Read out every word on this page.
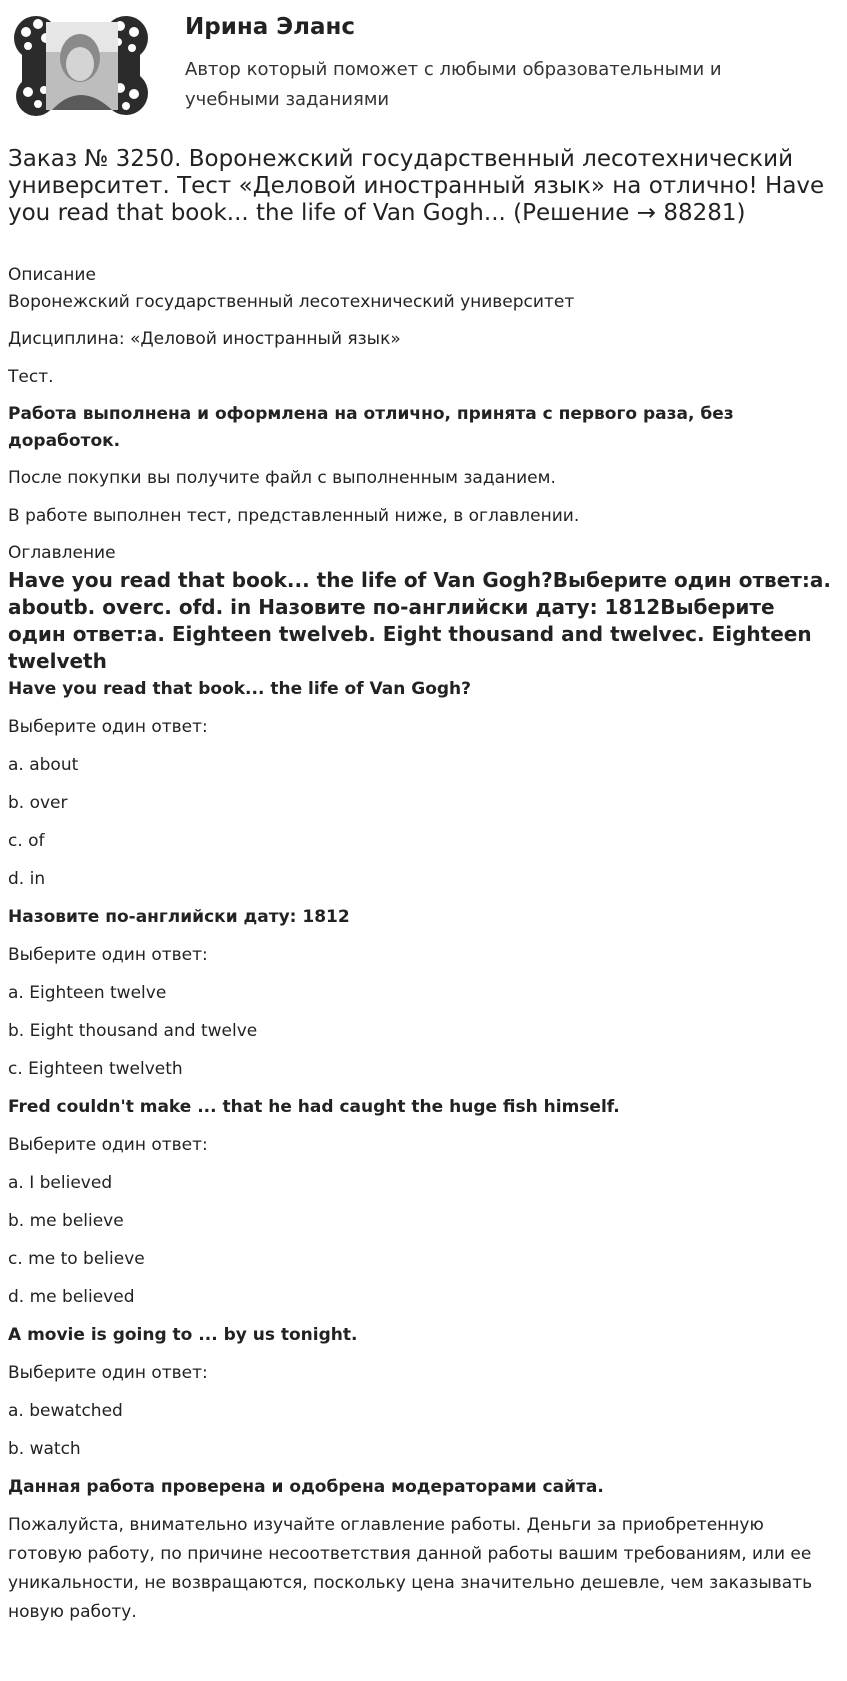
Ирина Эланс

Автор который поможет с любыми образовательными и учебными заданиями

Заказ № 3250. Воронежский государственный лесотехнический университет. Тест «Деловой иностранный язык» на отлично! Have you read that book... the life of Van Gogh... (Решение → 88281)

Описание

Воронежский государственный лесотехнический университет

Дисциплина: «Деловой иностранный язык»

Тест.

Работа выполнена и оформлена на отлично, принята с первого раза, без доработок.

После покупки вы получите файл с выполненным заданием.

В работе выполнен тест, представленный ниже, в оглавлении.

Оглавление

Have you read that book... the life of Van Gogh?Выберите один ответ:a. aboutb. overc. ofd. in Назовите по-английски дату: 1812Выберите один ответ:a. Eighteen twelveb. Eight thousand and twelvec. Eighteen twelveth

Have you read that book... the life of Van Gogh?

Выберите один ответ:

a. about

b. over

c. of

d. in

Назовите по-английски дату: 1812

Выберите один ответ:

a. Eighteen twelve

b. Eight thousand and twelve

c. Eighteen twelveth

Fred couldn't make ... that he had caught the huge fish himself.

Выберите один ответ:

a. I believed

b. me believe

c. me to believe

d. me believed

A movie is going to ... by us tonight.

Выберите один ответ:

a. bewatched

b. watch

Данная работа проверена и одобрена модераторами сайта.

Пожалуйста, внимательно изучайте оглавление работы. Деньги за приобретенную готовую работу, по причине несоответствия данной работы вашим требованиям, или ее уникальности, не возвращаются, поскольку цена значительно дешевле, чем заказывать новую работу.
